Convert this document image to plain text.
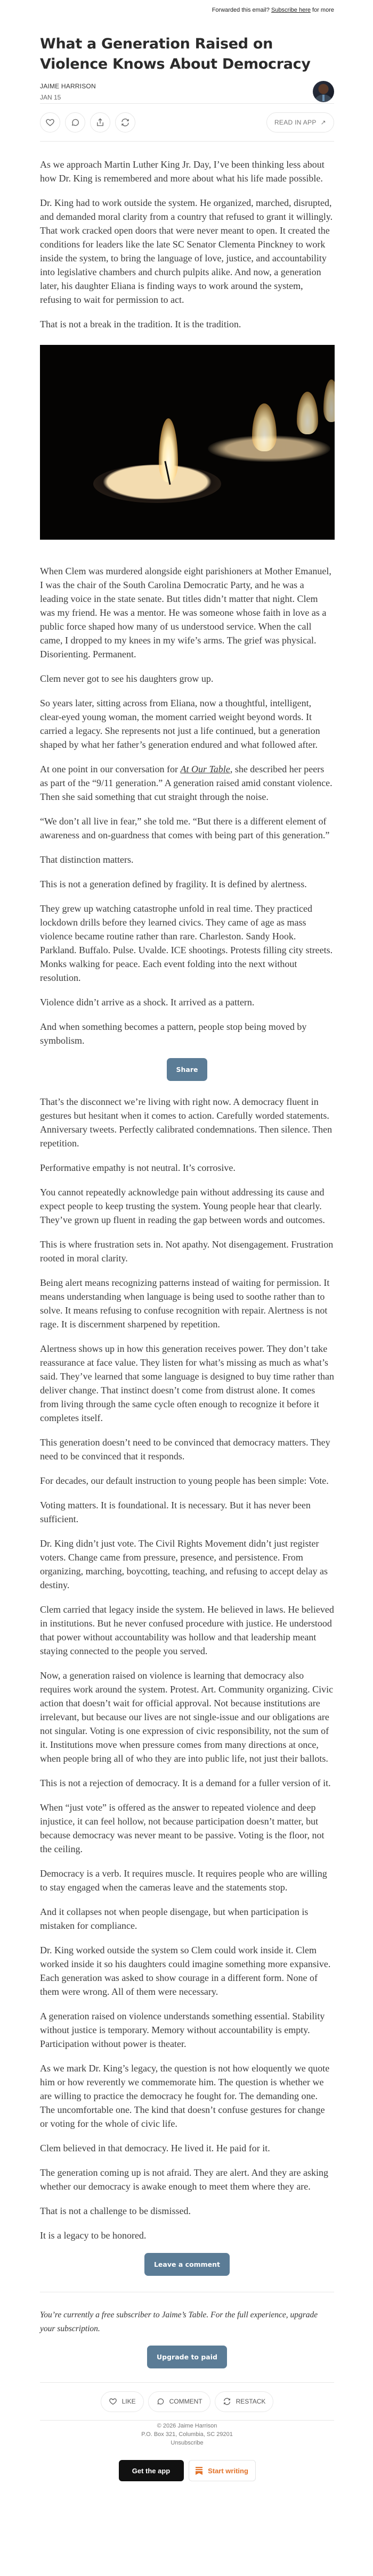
Forwarded this email? Subscribe here for more
What a Generation Raised on Violence Knows About Democracy
JAIME HARRISON
JAN 15
READ IN APP ↗

As we approach Martin Luther King Jr. Day, I’ve been thinking less about how Dr. King is remembered and more about what his life made possible.

Dr. King had to work outside the system. He organized, marched, disrupted, and demanded moral clarity from a country that refused to grant it willingly. That work cracked open doors that were never meant to open. It created the conditions for leaders like the late SC Senator Clementa Pinckney to work inside the system, to bring the language of love, justice, and accountability into legislative chambers and church pulpits alike. And now, a generation later, his daughter Eliana is finding ways to work around the system, refusing to wait for permission to act.

That is not a break in the tradition. It is the tradition.

When Clem was murdered alongside eight parishioners at Mother Emanuel, I was the chair of the South Carolina Democratic Party, and he was a leading voice in the state senate. But titles didn’t matter that night. Clem was my friend. He was a mentor. He was someone whose faith in love as a public force shaped how many of us understood service. When the call came, I dropped to my knees in my wife’s arms. The grief was physical. Disorienting. Permanent.

Clem never got to see his daughters grow up.

So years later, sitting across from Eliana, now a thoughtful, intelligent, clear-eyed young woman, the moment carried weight beyond words. It carried a legacy. She represents not just a life continued, but a generation shaped by what her father’s generation endured and what followed after.

At one point in our conversation for At Our Table, she described her peers as part of the “9/11 generation.” A generation raised amid constant violence. Then she said something that cut straight through the noise.

“We don’t all live in fear,” she told me. “But there is a different element of awareness and on-guardness that comes with being part of this generation.”

That distinction matters.

This is not a generation defined by fragility. It is defined by alertness.

They grew up watching catastrophe unfold in real time. They practiced lockdown drills before they learned civics. They came of age as mass violence became routine rather than rare. Charleston. Sandy Hook. Parkland. Buffalo. Pulse. Uvalde. ICE shootings. Protests filling city streets. Monks walking for peace. Each event folding into the next without resolution.

Violence didn’t arrive as a shock. It arrived as a pattern.

And when something becomes a pattern, people stop being moved by symbolism.

Share

That’s the disconnect we’re living with right now. A democracy fluent in gestures but hesitant when it comes to action. Carefully worded statements. Anniversary tweets. Perfectly calibrated condemnations. Then silence. Then repetition.

Performative empathy is not neutral. It’s corrosive.

You cannot repeatedly acknowledge pain without addressing its cause and expect people to keep trusting the system. Young people hear that clearly. They’ve grown up fluent in reading the gap between words and outcomes.

This is where frustration sets in. Not apathy. Not disengagement. Frustration rooted in moral clarity.

Being alert means recognizing patterns instead of waiting for permission. It means understanding when language is being used to soothe rather than to solve. It means refusing to confuse recognition with repair. Alertness is not rage. It is discernment sharpened by repetition.

Alertness shows up in how this generation receives power. They don’t take reassurance at face value. They listen for what’s missing as much as what’s said. They’ve learned that some language is designed to buy time rather than deliver change. That instinct doesn’t come from distrust alone. It comes from living through the same cycle often enough to recognize it before it completes itself.

This generation doesn’t need to be convinced that democracy matters. They need to be convinced that it responds.

For decades, our default instruction to young people has been simple: Vote.

Voting matters. It is foundational. It is necessary. But it has never been sufficient.

Dr. King didn’t just vote. The Civil Rights Movement didn’t just register voters. Change came from pressure, presence, and persistence. From organizing, marching, boycotting, teaching, and refusing to accept delay as destiny.

Clem carried that legacy inside the system. He believed in laws. He believed in institutions. But he never confused procedure with justice. He understood that power without accountability was hollow and that leadership meant staying connected to the people you served.

Now, a generation raised on violence is learning that democracy also requires work around the system. Protest. Art. Community organizing. Civic action that doesn’t wait for official approval. Not because institutions are irrelevant, but because our lives are not single-issue and our obligations are not singular. Voting is one expression of civic responsibility, not the sum of it. Institutions move when pressure comes from many directions at once, when people bring all of who they are into public life, not just their ballots.

This is not a rejection of democracy. It is a demand for a fuller version of it.

When “just vote” is offered as the answer to repeated violence and deep injustice, it can feel hollow, not because participation doesn’t matter, but because democracy was never meant to be passive. Voting is the floor, not the ceiling.

Democracy is a verb. It requires muscle. It requires people who are willing to stay engaged when the cameras leave and the statements stop.

And it collapses not when people disengage, but when participation is mistaken for compliance.

Dr. King worked outside the system so Clem could work inside it. Clem worked inside it so his daughters could imagine something more expansive. Each generation was asked to show courage in a different form. None of them were wrong. All of them were necessary.

A generation raised on violence understands something essential. Stability without justice is temporary. Memory without accountability is empty. Participation without power is theater.

As we mark Dr. King’s legacy, the question is not how eloquently we quote him or how reverently we commemorate him. The question is whether we are willing to practice the democracy he fought for. The demanding one. The uncomfortable one. The kind that doesn’t confuse gestures for change or voting for the whole of civic life.

Clem believed in that democracy. He lived it. He paid for it.

The generation coming up is not afraid. They are alert. And they are asking whether our democracy is awake enough to meet them where they are.

That is not a challenge to be dismissed.

It is a legacy to be honored.

Leave a comment
You’re currently a free subscriber to Jaime’s Table. For the full experience, upgrade your subscription.
Upgrade to paid
LIKE	COMMENT	RESTACK
© 2026 Jaime Harrison
P.O. Box 321, Columbia, SC 29201
Unsubscribe
Get the app	Start writing
